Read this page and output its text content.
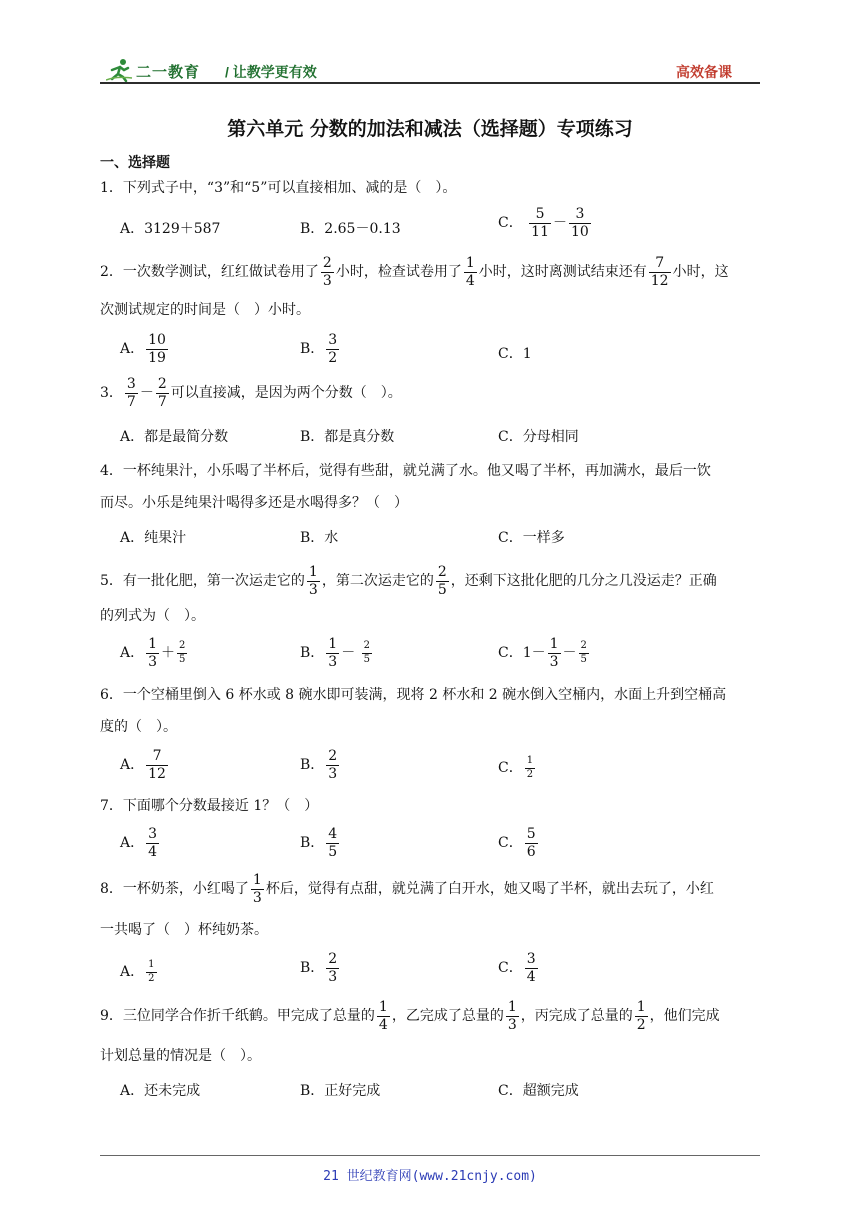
二一教育 / 让教学更有效	高效备课
第六单元 分数的加法和减法（选择题）专项练习
一、选择题
1．下列式子中，“3”和“5”可以直接相加、减的是（　）。
A．3129＋587	B．2.65－0.13	C． $\frac{5}{11} - \frac{3}{10}$
2．一次数学测试，红红做试卷用了 $\frac{2}{3}$ 小时，检查试卷用了 $\frac{1}{4}$ 小时，这时离测试结束还有 $\frac{7}{12}$ 小时，这
次测试规定的时间是（　）小时。
A． $\frac{10}{19}$	B． $\frac{3}{2}$	C．1
3． $\frac{3}{7} - \frac{2}{7}$ 可以直接减，是因为两个分数（　）。
A．都是最简分数	B．都是真分数	C．分母相同
4．一杯纯果汁，小乐喝了半杯后，觉得有些甜，就兑满了水。他又喝了半杯，再加满水，最后一饮
而尽。小乐是纯果汁喝得多还是水喝得多？（　）
A．纯果汁	B．水	C．一样多
5．有一批化肥，第一次运走它的 $\frac{1}{3}$ ，第二次运走它的 $\frac{2}{5}$ ，还剩下这批化肥的几分之几没运走？正确
的列式为（　）。
A． $\frac{1}{3} + \frac{2}{5}$	B． $\frac{1}{3} - \frac{2}{5}$	C．$1- \frac{1}{3} - \frac{2}{5}$
6．一个空桶里倒入 6 杯水或 8 碗水即可装满，现将 2 杯水和 2 碗水倒入空桶内，水面上升到空桶高
度的（　）。
A． $\frac{7}{12}$	B． $\frac{2}{3}$	C． $\frac{1}{2}$
7．下面哪个分数最接近 1？（　）
A． $\frac{3}{4}$	B． $\frac{4}{5}$	C． $\frac{5}{6}$
8．一杯奶茶，小红喝了 $\frac{1}{3}$ 杯后，觉得有点甜，就兑满了白开水，她又喝了半杯，就出去玩了，小红
一共喝了（　）杯纯奶茶。
A． $\frac{1}{2}$	B． $\frac{2}{3}$	C． $\frac{3}{4}$
9．三位同学合作折千纸鹤。甲完成了总量的 $\frac{1}{4}$ ，乙完成了总量的 $\frac{1}{3}$ ，丙完成了总量的 $\frac{1}{2}$ ，他们完成
计划总量的情况是（　）。
A．还未完成	B．正好完成	C．超额完成
21 世纪教育网(www.21cnjy.com)
